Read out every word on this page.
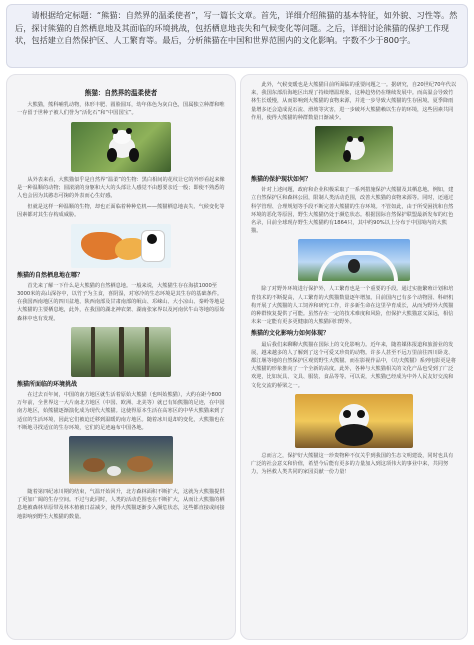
请根据给定标题：“熊猫：自然界的温柔使者”，写一篇长文章。首先，详细介绍熊猫的基本特征，如外貌、习性等。然后，探讨熊猫的自然栖息地及其面临的环境挑战，包括栖息地丧失和气候变化等问题。之后，详细讨论熊猫的保护工作现状，包括建立自然保护区、人工繁育等。最后，分析熊猫在中国和世界范围内的文化影响。字数不少于800字。
熊猫：自然界的温柔使者

大熊猫，熊科哺乳动物，体形丰肥、圆脸圆耳，幼年体色为灰白色，国属独立种群和唯一存留于世种子被人们誉为“活化石”和“中国国宝”。

从外表来看，大熊猫似乎是自然界“温柔”的生物：黑白相间的花纹让它的外形看起来像是一种温顺的动物；圆滚滚的身躯和大大的头部让人感觉不由想要亲近一般；即使不熟悉的人也会因为其憨态可掬的外表而心生好感。

但就是这样一种温顺的生物，却也正面临着种种危机——熊猫栖息地丧失、气候变化等因素都对其生存构成威胁。

熊猫的自然栖息地在哪？

首先来了解一下什么是大熊猫的自然栖息地。一般来说，大熊猫生存在海拔1000至3000米的高山深谷中，以竹子为主食，喜阴湿，对寒冷的生态环境是其生存的基础条件。在我国西南地区的四川盆地、陕西南部及甘肃南部的岷山、邛崃山、大小凉山、秦岭等地是大熊猫的主要栖息地，此外，在我国的湖北神农架、湖南张家界以及河南伏牛山等地的原始森林中也有发现。

熊猫所面临的环境挑战

在过去百年间，中国的南方地区就生活着原始大熊猫（也叫始熊猫），大约在距今800万年前，全世界这一大片南北方地区（中国、欧洲、北美等）就已有始熊猫的足迹，在中国南方地区，始熊猫逐渐演化成为现代大熊猫。这使得原本生活在高寒区的中华大熊猫来到了适宜的生活环境，因此它们被迫迁移到温暖的南方地区。随着冰川退却的变化，大熊猫也在不断地寻找适宜的生存环境，它们的足迹遍布中国各地。

随着第四纪冰川期的结束，气温开始回升，北方森林面积不断扩大，这就为大熊猫提供了更加广阔的生存空间。不过与此同时，人类的活动范围也在不断扩大，从而让大熊猫的栖息地被森林草原带及林木植被日益减少，使得大熊猫逐渐步入濒危状态，这些都直接或间接地影响到野生大熊猫的数量。

此外，气候变暖也是大熊猫目前所面临的重要问题之一。据研究，自20世纪70年代以来，我国东部沿海地区出现了持续增温现象，这种趋势仍在继续发展中。而高温会导致竹林生长缓慢，从而影响到大熊猫的食物来源，并进一步导致大熊猫的生存困境。夏季降雨量增多还会造成泥石流、滑坡等灾害，进一步破坏大熊猫赖以生存的环境，这些因素共同作用，使得大熊猫的种群数量日渐减少。

熊猫的保护现状如何？

针对上述问题，政府和企业积极采取了一系列措施保护大熊猫及其栖息地。例如，建立自然保护区和森林公园，限制人类活动范围，改善大熊猫的食物来源等。同时，还通过科学管理、合理规划等手段不断完善大熊猫的生存环境。不管如此，由于所受困扰和自然环境的恶化等原因，野生大熊猫仍处于濒危状态。根据国际自然保护联盟最新发布的红色名录，目前全球现存野生大熊猫约有1864只，其中约90%以上分布于中国境内的大熊猫。

除了对野外环境进行保护外，人工繁育也是一个重要的手段。通过实施繁殖计划和培育技术的不断提高，人工繁育的大熊猫数量逐年增加。目前国内已有多个动物园、科研机构开展了大熊猫的人工饲养和研究工作，许多新生命在这里孕育成长，从而为野外大熊猫的种群恢复提供了可能。虽然存在一定的技术难度和风险，但保护大熊猫意义深远，相信未来一定能有更多更健康的大熊猫回归野外。

熊猫的文化影响力如何体现？

最后我们来聊聊大熊猫在国际上的文化影响力。近年来，随着媒体报道和旅游业的发展，越来越多的人了解到了这个可爱又珍贵的动物。许多人甚至不远万里前往四川卧龙、都江堰等地的自然保护区观赏野生大熊猫。而在影视作品中，《功夫熊猫》系列电影更是将大熊猫的形象推向了一个全新的高度。此外，各种与大熊猫相关的文化产品也受到了广泛欢迎，比如玩具、文具、服装、食品等等。可以说，大熊猫已经成为中外人民友好交流和文化交流的桥梁之一。

总而言之，保护好大熊猫这一珍贵物种不仅关乎到我国的生态文明建设，同时也具有广泛的社会意义和价值，希望今后能有更多的力量加入到这项伟大的事业中来，共同努力，为拯救人类共同的家园贡献一份力量！
